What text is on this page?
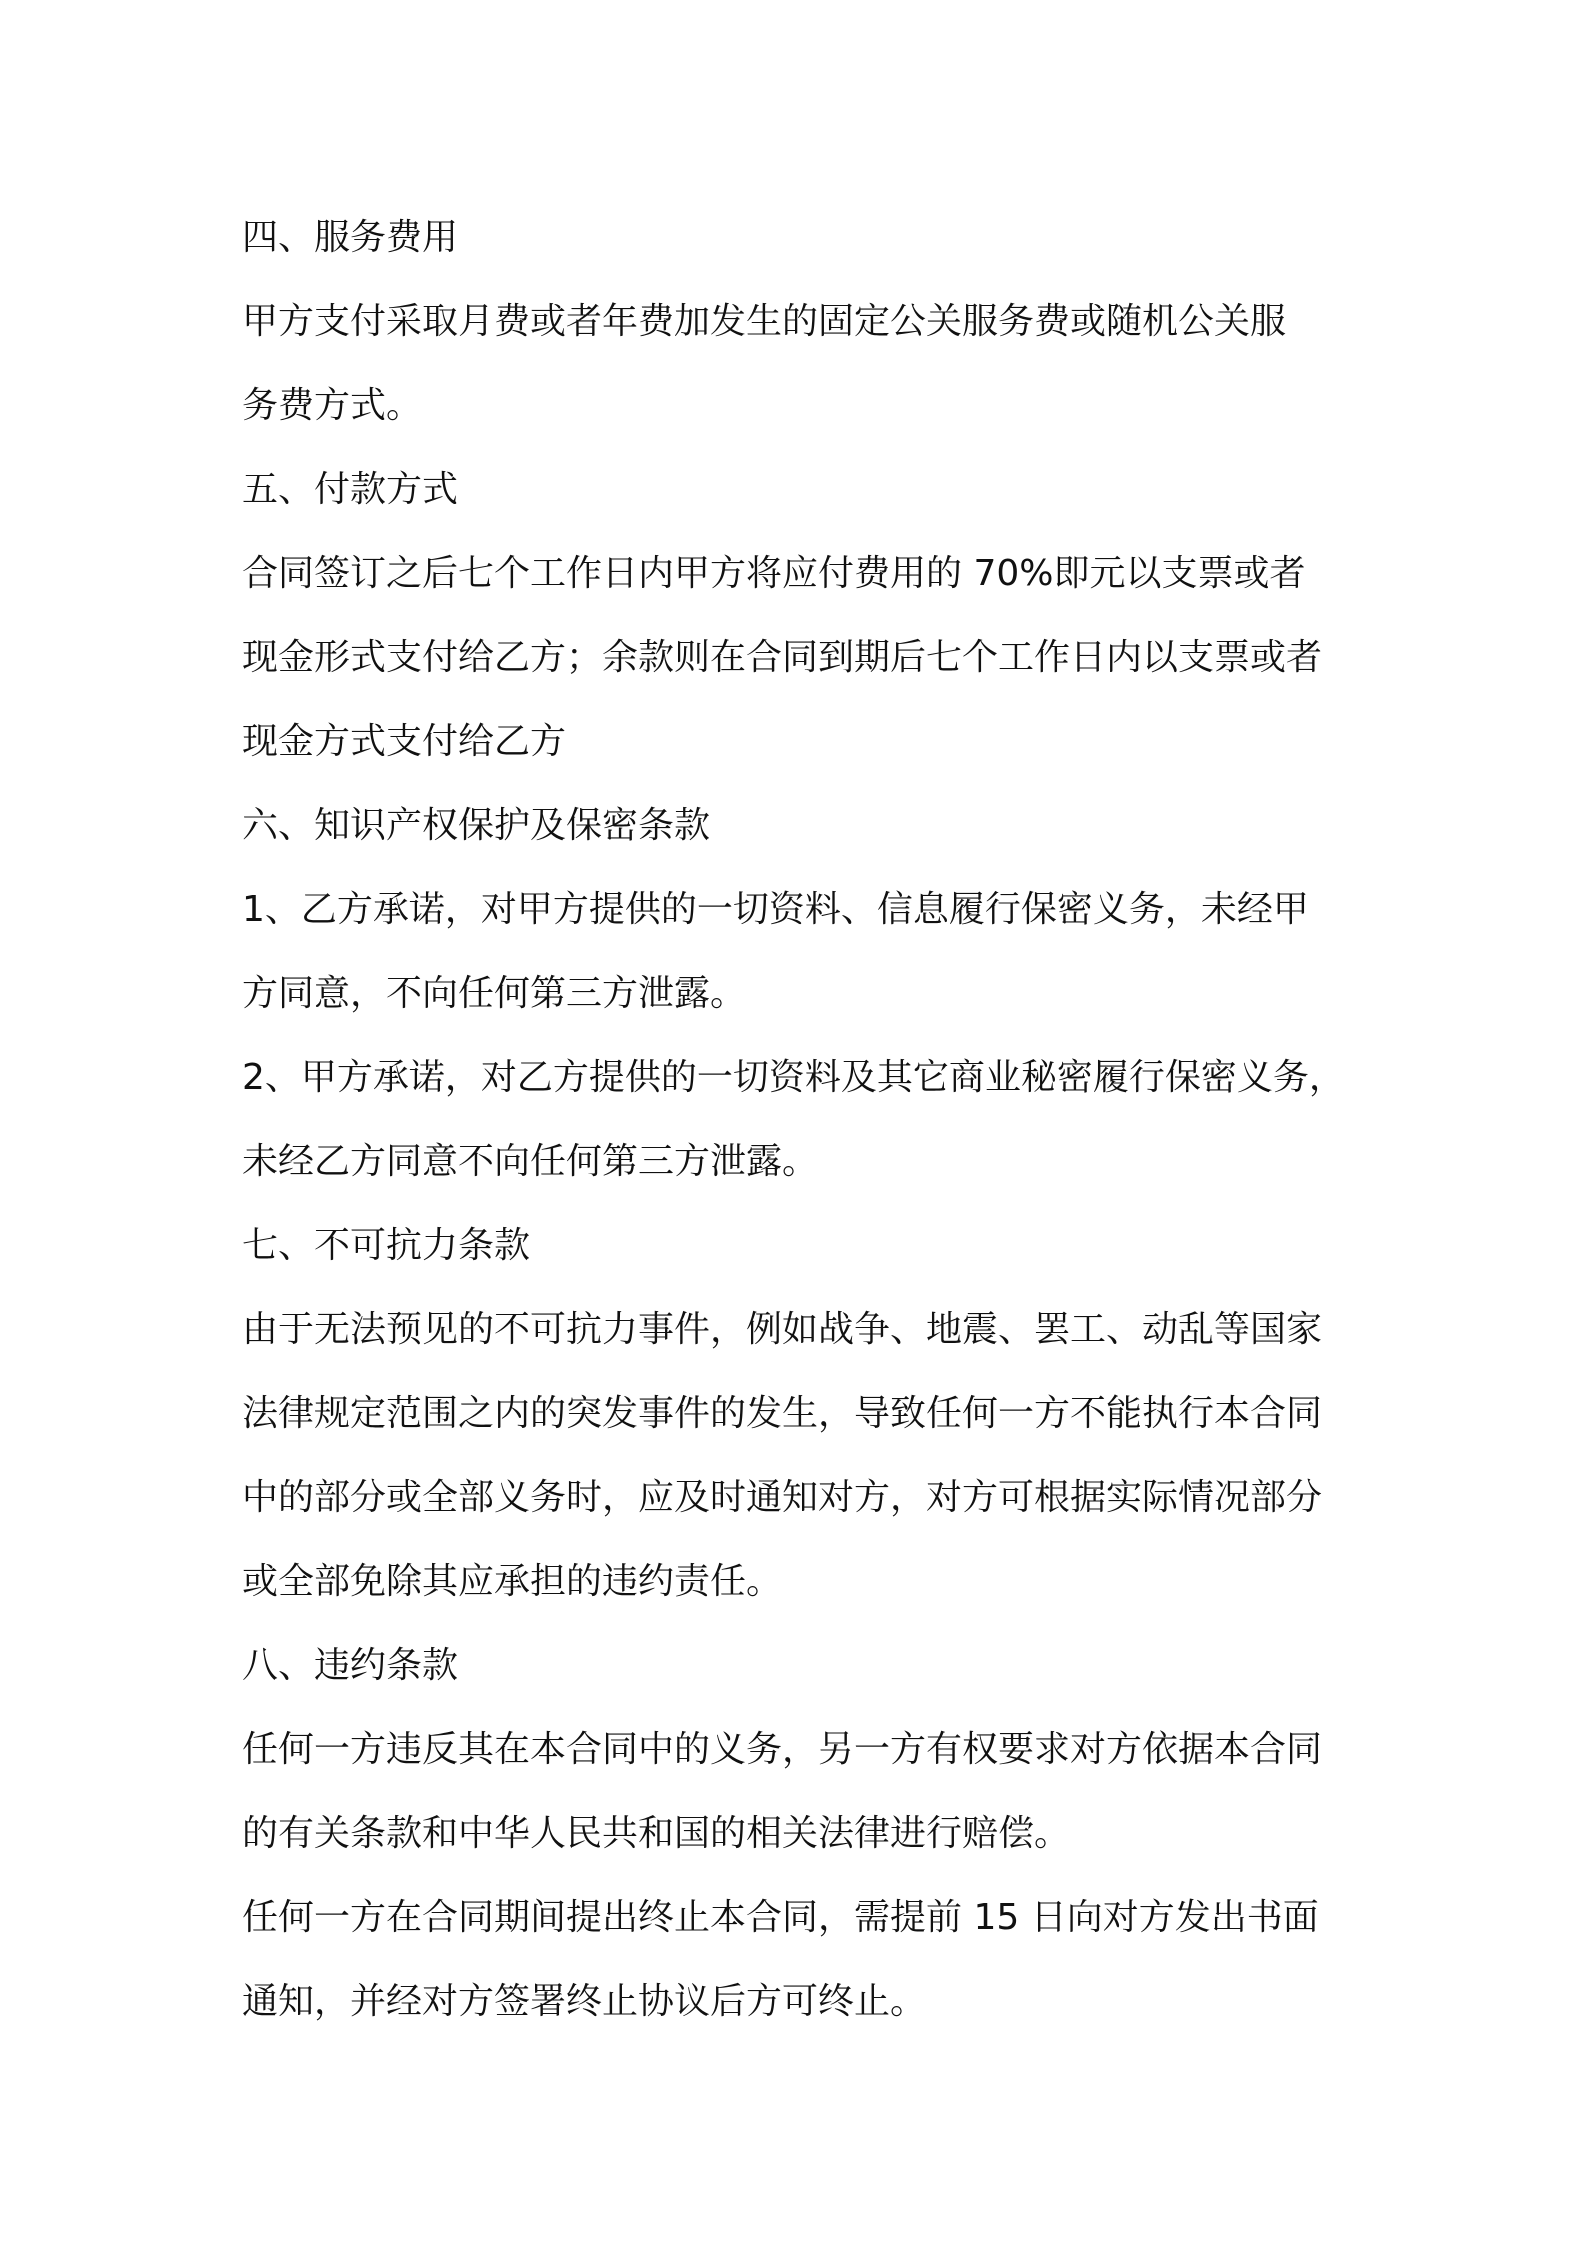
四、服务费用
甲方支付采取月费或者年费加发生的固定公关服务费或随机公关服
务费方式。
五、付款方式
合同签订之后七个工作日内甲方将应付费用的 70%即元以支票或者
现金形式支付给乙方；余款则在合同到期后七个工作日内以支票或者
现金方式支付给乙方
六、知识产权保护及保密条款
1、乙方承诺，对甲方提供的一切资料、信息履行保密义务，未经甲
方同意，不向任何第三方泄露。
2、甲方承诺，对乙方提供的一切资料及其它商业秘密履行保密义务，
未经乙方同意不向任何第三方泄露。
七、不可抗力条款
由于无法预见的不可抗力事件，例如战争、地震、罢工、动乱等国家
法律规定范围之内的突发事件的发生，导致任何一方不能执行本合同
中的部分或全部义务时，应及时通知对方，对方可根据实际情况部分
或全部免除其应承担的违约责任。
八、违约条款
任何一方违反其在本合同中的义务，另一方有权要求对方依据本合同
的有关条款和中华人民共和国的相关法律进行赔偿。
任何一方在合同期间提出终止本合同，需提前 15 日向对方发出书面
通知，并经对方签署终止协议后方可终止。
